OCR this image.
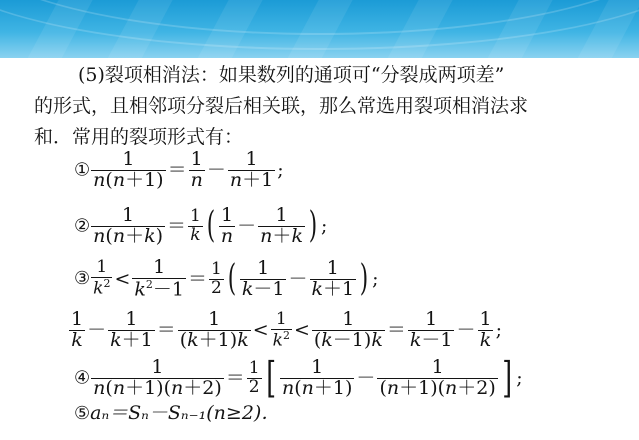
(5)裂项相消法：如果数列的通项可“分裂成两项差”
的形式，且相邻项分裂后相关联，那么常选用裂项相消法求
和．常用的裂项形式有：
① $\frac{1}{n(n+1)} = \frac{1}{n} - \frac{1}{n+1}$ ;
② $\frac{1}{n(n+k)} = \frac{1}{k}$ ( $\frac{1}{n} - \frac{1}{n+k}$ ) ;
③ $\frac{1}{k^2} < \frac{1}{k^2-1} = \frac{1}{2}$ ( $\frac{1}{k-1} - \frac{1}{k+1}$ ) ;
$\frac{1}{k} - \frac{1}{k+1} = \frac{1}{(k+1)k} < \frac{1}{k^2} < \frac{1}{(k-1)k} = \frac{1}{k-1} - \frac{1}{k}$ ;
④ $\frac{1}{n(n+1)(n+2)} = \frac{1}{2}$ [ $\frac{1}{n(n+1)} - \frac{1}{(n+1)(n+2)}$ ] ;
⑤aₙ＝Sₙ－Sₙ₋₁(n≥2)．
